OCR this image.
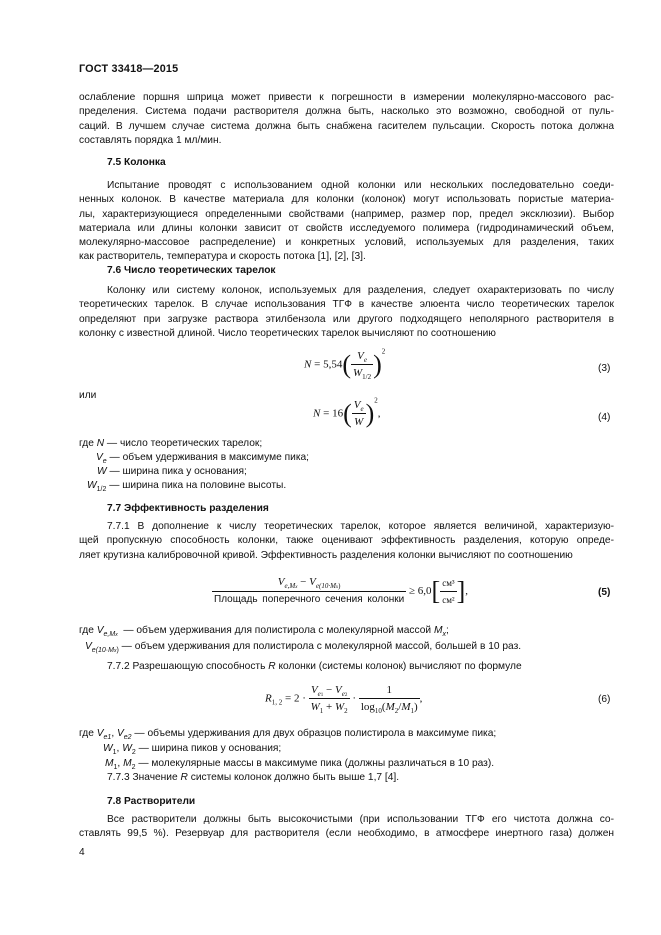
ГОСТ 33418—2015
ослабление поршня шприца может привести к погрешности в измерении молекулярно-массового рас-
пределения. Система подачи растворителя должна быть, насколько это возможно, свободной от пуль-
саций. В лучшем случае система должна быть снабжена гасителем пульсации. Скорость потока должна
составлять порядка 1 мл/мин.
7.5 Колонка
Испытание проводят с использованием одной колонки или нескольких последовательно соеди-
ненных колонок. В качестве материала для колонки (колонок) могут использовать пористые материа-
лы, характеризующиеся определенными свойствами (например, размер пор, предел эксклюзии). Выбор
материала или длины колонки зависит от свойств исследуемого полимера (гидродинамический объем,
молекулярно-массовое распределение) и конкретных условий, используемых для разделения, таких
как растворитель, температура и скорость потока [1], [2], [3].
7.6 Число теоретических тарелок
Колонку или систему колонок, используемых для разделения, следует охарактеризовать по числу
теоретических тарелок. В случае использования ТГФ в качестве элюента число теоретических тарелок
определяют при загрузке раствора этилбензола или другого подходящего неполярного растворителя в
колонку с известной длиной. Число теоретических тарелок вычисляют по соотношению
$N = 5,54( \frac{V_e}{W_{1/2}} )^2$
(3)
или
$N = 16( \frac{V_e}{W} )^2$,	(4)
где N — число теоретических тарелок;
$V_e$ — объем удерживания в максимуме пика;
W — ширина пика у основания;
$W_{1/2}$ — ширина пика на половине высоты.
7.7 Эффективность разделения
7.7.1 В дополнение к числу теоретических тарелок, которое является величиной, характеризую-
щей пропускную способность колонки, также оценивают эффективность разделения, которую опреде-
ляет крутизна калибровочной кривой. Эффективность разделения колонки вычисляют по соотношению
$\frac{V_{e,Mx} - V_{e(10\cdot Mx)}}{\text{Площадь поперечного сечения колонки}} \ge 6,0[ \frac{\text{см³}}{\text{см²}}$ ],	(5)
где $V_{e,Mx}$ — объем удерживания для полистирола с молекулярной массой $M_x$;
$V_{e(10\cdot Mx)}$ — объем удерживания для полистирола с молекулярной массой, большей в 10 раз.
7.7.2 Разрешающую способность R колонки (системы колонок) вычисляют по формуле
$R_{1, 2} = 2 \cdot \frac{V_{e1} - V_{e2}}{W_1 + W_2} \cdot \frac{1}{\log_{10}(M_2/M_1)}$ ,	(6)
где $V_{e1}$, $V_{e2}$ — объемы удерживания для двух образцов полистирола в максимуме пика;
$W_1$, $W_2$ — ширина пиков у основания;
$M_1$, $M_2$ — молекулярные массы в максимуме пика (должны различаться в 10 раз).
7.7.3 Значение R системы колонок должно быть выше 1,7 [4].
7.8 Растворители
Все растворители должны быть высокочистыми (при использовании ТГФ его чистота должна со-
ставлять 99,5 %). Резервуар для растворителя (если необходимо, в атмосфере инертного газа) должен
4
